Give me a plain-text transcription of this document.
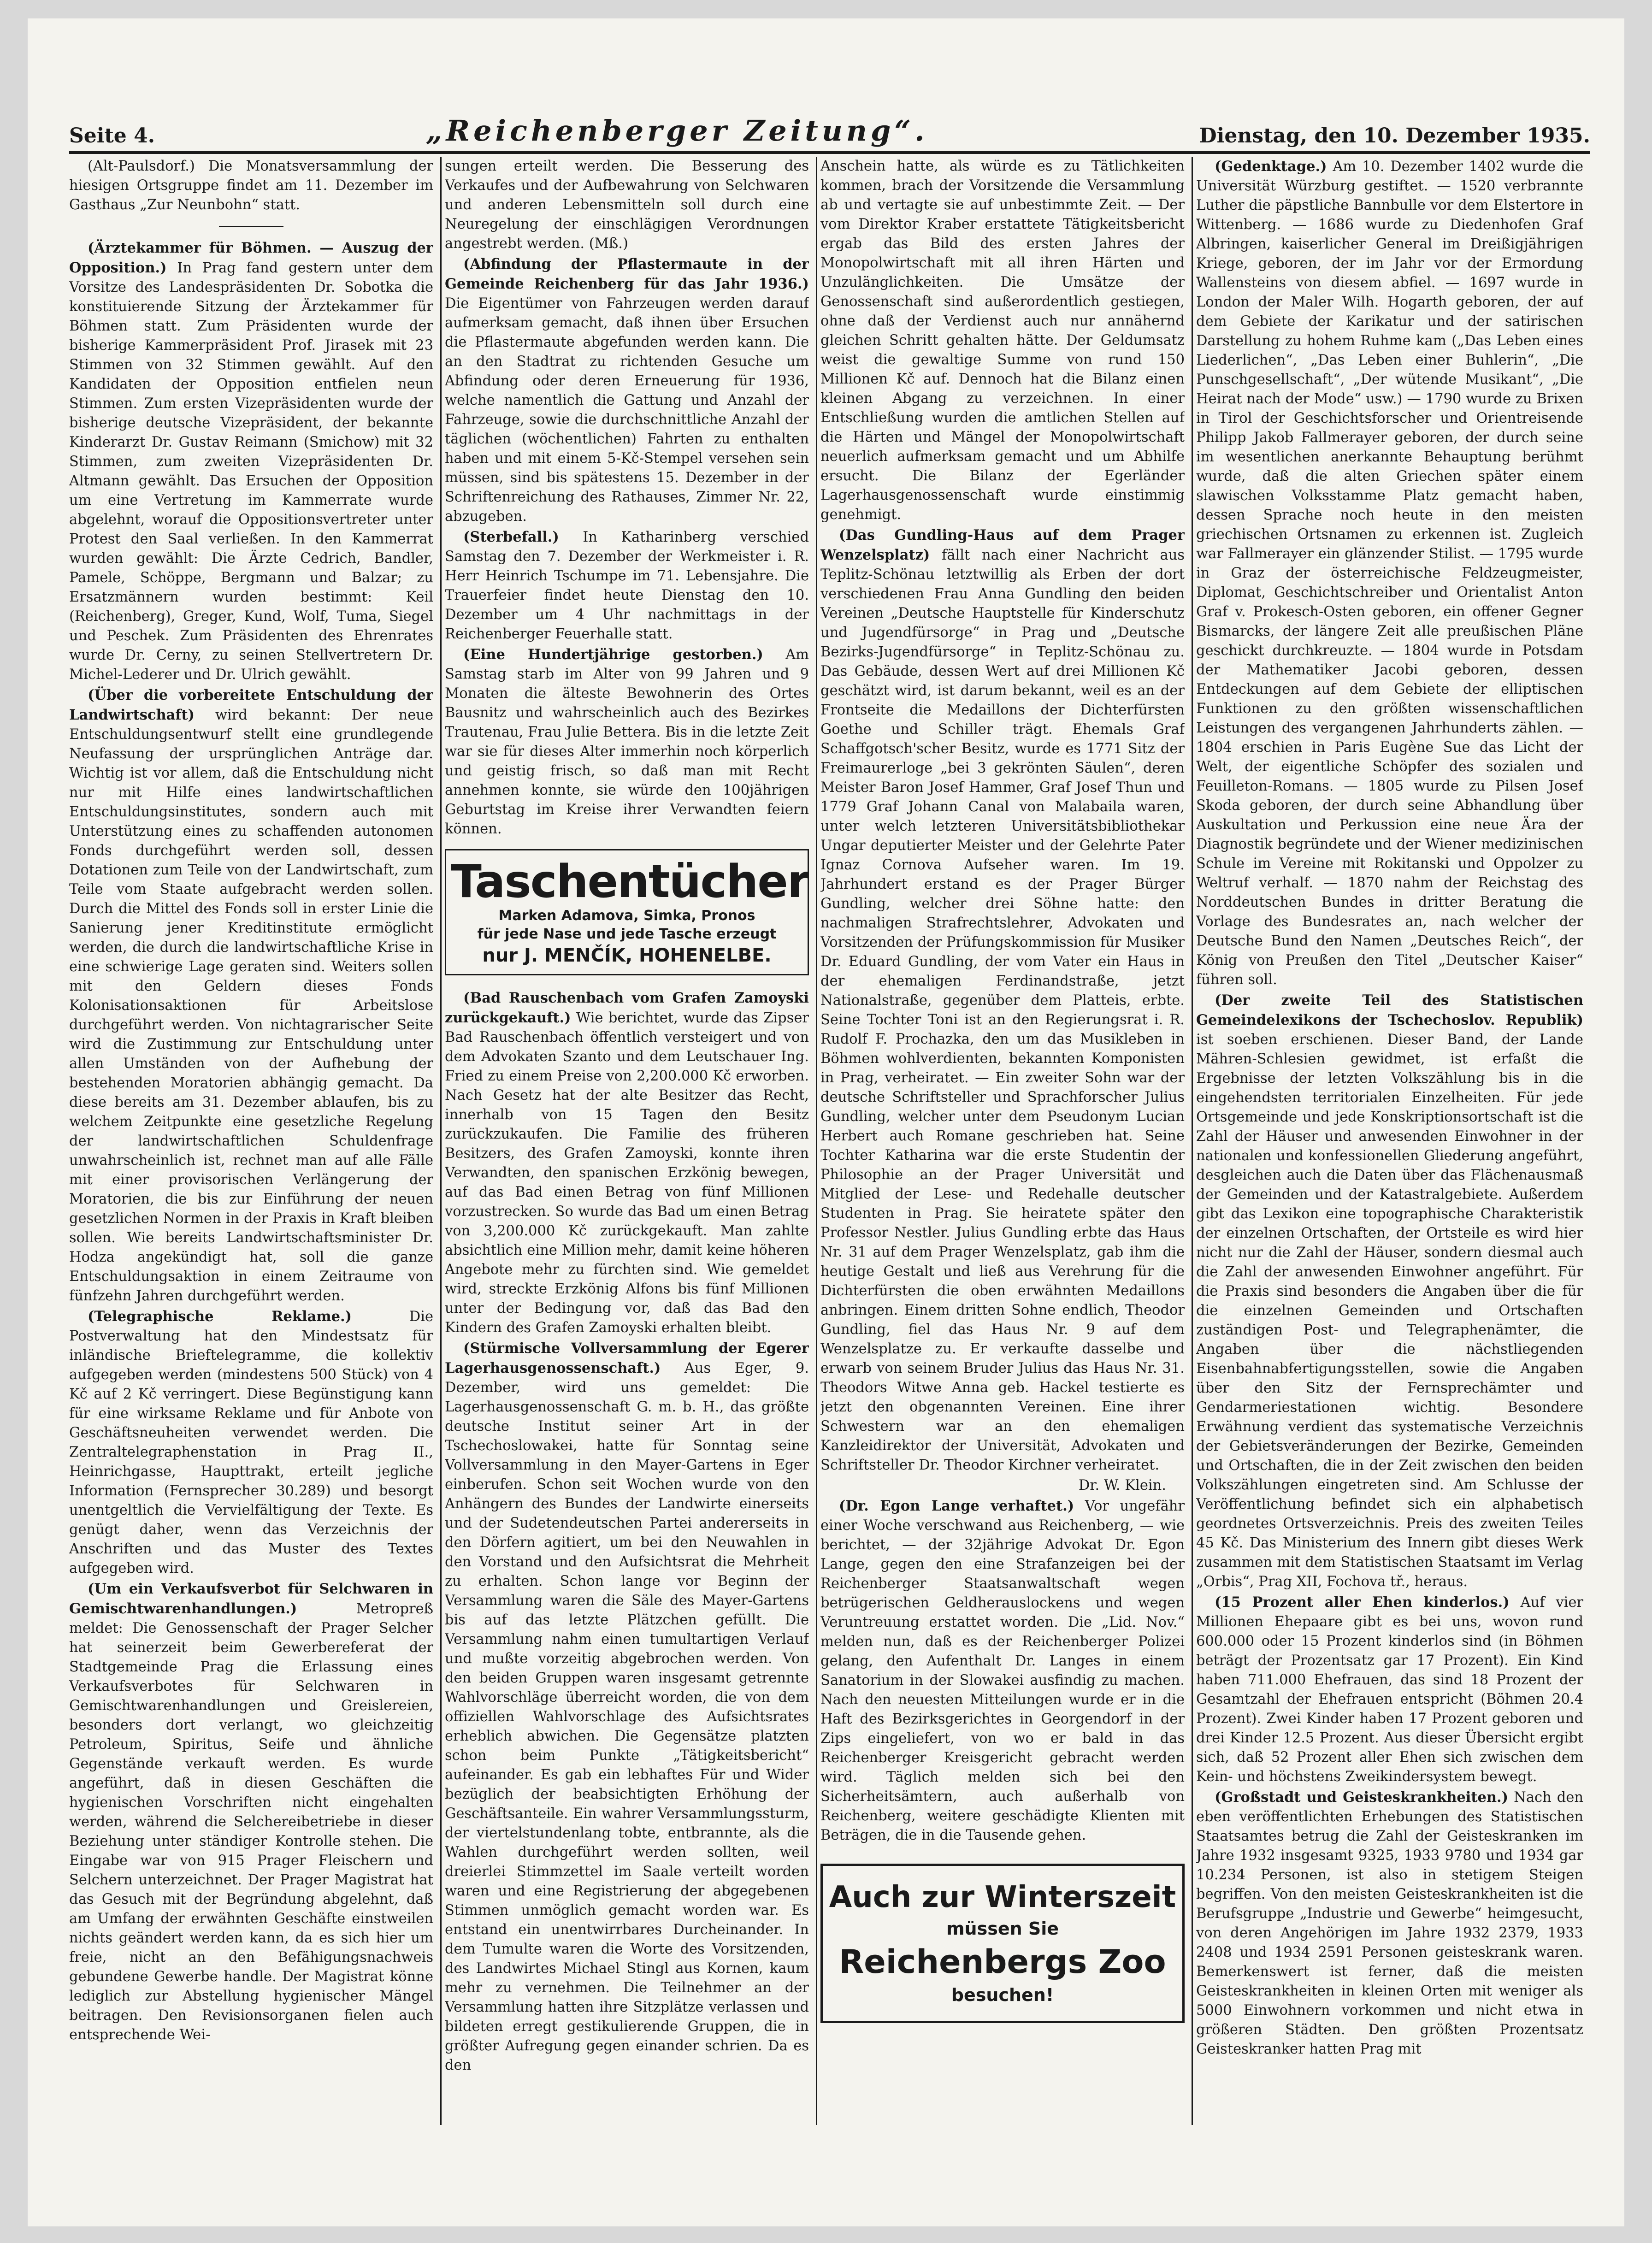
Seite 4.	„Reichenberger Zeitung“.	Dienstag, den 10. Dezember 1935.

(Alt-Paulsdorf.) Die Monatsversammlung der hiesigen Ortsgruppe findet am 11. Dezember im Gasthaus „Zur Neunbohn“ statt.

(Ärztekammer für Böhmen. — Auszug der Opposition.) In Prag fand gestern unter dem Vorsitze des Landespräsidenten Dr. Sobotka die konstituierende Sitzung der Ärztekammer für Böhmen statt. Zum Präsidenten wurde der bisherige Kammerpräsident Prof. Jirasek mit 23 Stimmen von 32 Stimmen gewählt. Auf den Kandidaten der Opposition entfielen neun Stimmen. Zum ersten Vizepräsidenten wurde der bisherige deutsche Vizepräsident, der bekannte Kinderarzt Dr. Gustav Reimann (Smichow) mit 32 Stimmen, zum zweiten Vizepräsidenten Dr. Altmann gewählt. Das Ersuchen der Opposition um eine Vertretung im Kammerrate wurde abgelehnt, worauf die Oppositionsvertreter unter Protest den Saal verließen. In den Kammerrat wurden gewählt: Die Ärzte Cedrich, Bandler, Pamele, Schöppe, Bergmann und Balzar; zu Ersatzmännern wurden bestimmt: Keil (Reichenberg), Greger, Kund, Wolf, Tuma, Siegel und Peschek. Zum Präsidenten des Ehrenrates wurde Dr. Cerny, zu seinen Stellvertretern Dr. Michel-Lederer und Dr. Ulrich gewählt.

(Über die vorbereitete Entschuldung der Landwirtschaft) wird bekannt: Der neue Entschuldungsentwurf stellt eine grundlegende Neufassung der ursprünglichen Anträge dar. Wichtig ist vor allem, daß die Entschuldung nicht nur mit Hilfe eines landwirtschaftlichen Entschuldungsinstitutes, sondern auch mit Unterstützung eines zu schaffenden autonomen Fonds durchgeführt werden soll, dessen Dotationen zum Teile von der Landwirtschaft, zum Teile vom Staate aufgebracht werden sollen. Durch die Mittel des Fonds soll in erster Linie die Sanierung jener Kreditinstitute ermöglicht werden, die durch die landwirtschaftliche Krise in eine schwierige Lage geraten sind. Weiters sollen mit den Geldern dieses Fonds Kolonisationsaktionen für Arbeitslose durchgeführt werden. Von nichtagrarischer Seite wird die Zustimmung zur Entschuldung unter allen Umständen von der Aufhebung der bestehenden Moratorien abhängig gemacht. Da diese bereits am 31. Dezember ablaufen, bis zu welchem Zeitpunkte eine gesetzliche Regelung der landwirtschaftlichen Schuldenfrage unwahrscheinlich ist, rechnet man auf alle Fälle mit einer provisorischen Verlängerung der Moratorien, die bis zur Einführung der neuen gesetzlichen Normen in der Praxis in Kraft bleiben sollen. Wie bereits Landwirtschaftsminister Dr. Hodza angekündigt hat, soll die ganze Entschuldungsaktion in einem Zeitraume von fünfzehn Jahren durchgeführt werden.

(Telegraphische Reklame.)	Die Postverwaltung hat den Mindestsatz für inländische Brieftelegramme, die kollektiv aufgegeben werden (mindestens 500 Stück) von 4 Kč auf 2 Kč verringert. Diese Begünstigung kann für eine wirksame Reklame und für Anbote von Geschäftsneuheiten verwendet werden. Die Zentraltelegraphenstation in Prag II., Heinrichgasse, Haupttrakt, erteilt jegliche Information (Fernsprecher 30.289) und besorgt unentgeltlich die Vervielfältigung der Texte. Es genügt daher, wenn das Verzeichnis der Anschriften und das Muster des Textes aufgegeben wird.

(Um ein Verkaufsverbot für Selchwaren in Gemischtwarenhandlungen.)	Metropreß meldet: Die Genossenschaft der Prager Selcher hat seinerzeit beim Gewerbereferat der Stadtgemeinde Prag die Erlassung eines Verkaufsverbotes für Selchwaren in Gemischtwarenhandlungen und Greislereien, besonders dort verlangt, wo gleichzeitig Petroleum, Spiritus, Seife und ähnliche Gegenstände verkauft werden. Es wurde angeführt, daß in diesen Geschäften die hygienischen Vorschriften nicht eingehalten werden, während die Selchereibetriebe in dieser Beziehung unter ständiger Kontrolle stehen. Die Eingabe war von 915 Prager Fleischern und Selchern unterzeichnet. Der Prager Magistrat hat das Gesuch mit der Begründung abgelehnt, daß am Umfang der erwähnten Geschäfte einstweilen nichts geändert werden kann, da es sich hier um freie, nicht an den Befähigungsnachweis gebundene Gewerbe handle. Der Magistrat könne lediglich zur Abstellung hygienischer Mängel beitragen. Den Revisionsorganen fielen auch entsprechende Wei-

sungen erteilt werden. Die Besserung des Verkaufes und der Aufbewahrung von Selchwaren und anderen Lebensmitteln soll durch eine Neuregelung der einschlägigen Verordnungen angestrebt werden. (Mß.)

(Abfindung der Pflastermaute in der Gemeinde Reichenberg für das Jahr 1936.) Die Eigentümer von Fahrzeugen werden darauf aufmerksam gemacht, daß ihnen über Ersuchen die Pflastermaute abgefunden werden kann. Die an den Stadtrat zu richtenden Gesuche um Abfindung oder deren Erneuerung für 1936, welche namentlich die Gattung und Anzahl der Fahrzeuge, sowie die durchschnittliche Anzahl der täglichen (wöchentlichen) Fahrten zu enthalten haben und mit einem 5-Kč-Stempel versehen sein müssen, sind bis spätestens 15. Dezember in der Schriftenreichung des Rathauses, Zimmer Nr. 22, abzugeben.

(Sterbefall.) In Katharinberg verschied Samstag den 7. Dezember der Werkmeister i. R. Herr Heinrich Tschumpe im 71. Lebensjahre. Die Trauerfeier findet heute Dienstag den 10. Dezember um 4 Uhr nachmittags in der Reichenberger Feuerhalle statt.

(Eine Hundertjährige gestorben.) Am Samstag starb im Alter von 99 Jahren und 9 Monaten die älteste Bewohnerin des Ortes Bausnitz und wahrscheinlich auch des Bezirkes Trautenau, Frau Julie Bettera. Bis in die letzte Zeit war sie für dieses Alter immerhin noch körperlich und geistig frisch, so daß man mit Recht annehmen konnte, sie würde den 100jährigen Geburtstag im Kreise ihrer Verwandten feiern können.

Taschentücher
Marken Adamova, Simka, Pronos
für jede Nase und jede Tasche erzeugt
nur J. MENČÍK, HOHENELBE.

(Bad Rauschenbach vom Grafen Zamoyski zurückgekauft.) Wie berichtet, wurde das Zipser Bad Rauschenbach öffentlich versteigert und von dem Advokaten Szanto und dem Leutschauer Ing. Fried zu einem Preise von 2,200.000 Kč erworben. Nach Gesetz hat der alte Besitzer das Recht, innerhalb von 15 Tagen den Besitz zurückzukaufen. Die Familie des früheren Besitzers, des Grafen Zamoyski, konnte ihren Verwandten, den spanischen Erzkönig bewegen, auf das Bad einen Betrag von fünf Millionen vorzustrecken. So wurde das Bad um einen Betrag von 3,200.000 Kč zurückgekauft. Man zahlte absichtlich eine Million mehr, damit keine höheren Angebote mehr zu fürchten sind. Wie gemeldet wird, streckte Erzkönig Alfons bis fünf Millionen unter der Bedingung vor, daß das Bad den Kindern des Grafen Zamoyski erhalten bleibt.

(Stürmische Vollversammlung der Egerer Lagerhausgenossenschaft.) Aus Eger, 9. Dezember, wird uns gemeldet: Die Lagerhausgenossenschaft G. m. b. H., das größte deutsche Institut seiner Art in der Tschechoslowakei, hatte für Sonntag seine Vollversammlung in den Mayer-Gartens in Eger einberufen. Schon seit Wochen wurde von den Anhängern des Bundes der Landwirte einerseits und der Sudetendeutschen Partei andererseits in den Dörfern agitiert, um bei den Neuwahlen in den Vorstand und den Aufsichtsrat die Mehrheit zu erhalten. Schon lange vor Beginn der Versammlung waren die Säle des Mayer-Gartens bis auf das letzte Plätzchen gefüllt. Die Versammlung nahm einen tumultartigen Verlauf und mußte vorzeitig abgebrochen werden. Von den beiden Gruppen waren insgesamt getrennte Wahlvorschläge überreicht worden, die von dem offiziellen Wahlvorschlage des Aufsichtsrates erheblich abwichen. Die Gegensätze platzten schon beim Punkte „Tätigkeitsbericht“ aufeinander. Es gab ein lebhaftes Für und Wider bezüglich der beabsichtigten Erhöhung der Geschäftsanteile. Ein wahrer Versammlungssturm, der viertelstundenlang tobte, entbrannte, als die Wahlen durchgeführt werden sollten, weil dreierlei Stimmzettel im Saale verteilt worden waren und eine Registrierung der abgegebenen Stimmen unmöglich gemacht worden war. Es entstand ein unentwirrbares Durcheinander. In dem Tumulte waren die Worte des Vorsitzenden, des Landwirtes Michael Stingl aus Kornen, kaum mehr zu vernehmen. Die Teilnehmer an der Versammlung hatten ihre Sitzplätze verlassen und bildeten erregt gestikulierende Gruppen, die in größter Aufregung gegen einander schrien. Da es den

Anschein hatte, als würde es zu Tätlichkeiten kommen, brach der Vorsitzende die Versammlung ab und vertagte sie auf unbestimmte Zeit. — Der vom Direktor Kraber erstattete Tätigkeitsbericht ergab das Bild des ersten Jahres der Monopolwirtschaft mit all ihren Härten und Unzulänglichkeiten. Die Umsätze der Genossenschaft sind außerordentlich gestiegen, ohne daß der Verdienst auch nur annähernd gleichen Schritt gehalten hätte. Der Geldumsatz weist die gewaltige Summe von rund 150 Millionen Kč auf. Dennoch hat die Bilanz einen kleinen Abgang zu verzeichnen. In einer Entschließung wurden die amtlichen Stellen auf die Härten und Mängel der Monopolwirtschaft neuerlich aufmerksam gemacht und um Abhilfe ersucht. Die Bilanz der Egerländer Lagerhausgenossenschaft wurde einstimmig genehmigt.

(Das Gundling-Haus auf dem Prager Wenzelsplatz) fällt nach einer Nachricht aus Teplitz-Schönau letztwillig als Erben der dort verschiedenen Frau Anna Gundling den beiden Vereinen „Deutsche Hauptstelle für Kinderschutz und Jugendfürsorge“ in Prag und „Deutsche Bezirks-Jugendfürsorge“ in Teplitz-Schönau zu. Das Gebäude, dessen Wert auf drei Millionen Kč geschätzt wird, ist darum bekannt, weil es an der Frontseite die Medaillons der Dichterfürsten Goethe und Schiller trägt. Ehemals Graf Schaffgotsch'scher Besitz, wurde es 1771 Sitz der Freimaurerloge „bei 3 gekrönten Säulen“, deren Meister Baron Josef Hammer, Graf Josef Thun und 1779 Graf Johann Canal von Malabaila waren, unter welch letzteren Universitätsbibliothekar Ungar deputierter Meister und der Gelehrte Pater Ignaz Cornova Aufseher waren. Im 19. Jahrhundert erstand es der Prager Bürger Gundling, welcher drei Söhne hatte: den nachmaligen Strafrechtslehrer, Advokaten und Vorsitzenden der Prüfungskommission für Musiker Dr. Eduard Gundling, der vom Vater ein Haus in der ehemaligen Ferdinandstraße, jetzt Nationalstraße, gegenüber dem Platteis, erbte. Seine Tochter Toni ist an den Regierungsrat i. R. Rudolf F. Prochazka, den um das Musikleben in Böhmen wohlverdienten, bekannten Komponisten in Prag, verheiratet. — Ein zweiter Sohn war der deutsche Schriftsteller und Sprachforscher Julius Gundling, welcher unter dem Pseudonym Lucian Herbert auch Romane geschrieben hat. Seine Tochter Katharina war die erste Studentin der Philosophie an der Prager Universität und Mitglied der Lese- und Redehalle deutscher Studenten in Prag. Sie heiratete später den Professor Nestler. Julius Gundling erbte das Haus Nr. 31 auf dem Prager Wenzelsplatz, gab ihm die heutige Gestalt und ließ aus Verehrung für die Dichterfürsten die oben erwähnten Medaillons anbringen. Einem dritten Sohne endlich, Theodor Gundling, fiel das Haus Nr. 9 auf dem Wenzelsplatze zu. Er verkaufte dasselbe und erwarb von seinem Bruder Julius das Haus Nr. 31. Theodors Witwe Anna geb. Hackel testierte es jetzt den obgenannten Vereinen. Eine ihrer Schwestern war an den ehemaligen Kanzleidirektor der Universität, Advokaten und Schriftsteller Dr. Theodor Kirchner verheiratet.

Dr. W. Klein.

(Dr. Egon Lange verhaftet.) Vor ungefähr einer Woche verschwand aus Reichenberg, — wie berichtet, — der 32jährige Advokat Dr. Egon Lange, gegen den eine Strafanzeigen bei der Reichenberger Staatsanwaltschaft wegen betrügerischen Geldherauslockens und wegen Veruntreuung erstattet worden. Die „Lid. Nov.“ melden nun, daß es der Reichenberger Polizei gelang, den Aufenthalt Dr. Langes in einem Sanatorium in der Slowakei ausfindig zu machen. Nach den neuesten Mitteilungen wurde er in die Haft des Bezirksgerichtes in Georgendorf in der Zips eingeliefert, von wo er bald in das Reichenberger Kreisgericht gebracht werden wird. Täglich melden sich bei den Sicherheitsämtern, auch außerhalb von Reichenberg, weitere geschädigte Klienten mit Beträgen, die in die Tausende gehen.

Auch zur Winterszeit
müssen Sie
Reichenbergs Zoo
besuchen!

(Gedenktage.) Am 10. Dezember 1402 wurde die Universität Würzburg gestiftet. — 1520 verbrannte Luther die päpstliche Bannbulle vor dem Elstertore in Wittenberg. — 1686 wurde zu Diedenhofen Graf Albringen, kaiserlicher General im Dreißigjährigen Kriege, geboren, der im Jahr vor der Ermordung Wallensteins von diesem abfiel. — 1697 wurde in London der Maler Wilh. Hogarth geboren, der auf dem Gebiete der Karikatur und der satirischen Darstellung zu hohem Ruhme kam („Das Leben eines Liederlichen“, „Das Leben einer Buhlerin“, „Die Punschgesellschaft“, „Der wütende Musikant“, „Die Heirat nach der Mode“ usw.) — 1790 wurde zu Brixen in Tirol der Geschichtsforscher und Orientreisende Philipp Jakob Fallmerayer geboren, der durch seine im wesentlichen anerkannte Behauptung berühmt wurde, daß die alten Griechen später einem slawischen Volksstamme Platz gemacht haben, dessen Sprache noch heute in den meisten griechischen Ortsnamen zu erkennen ist. Zugleich war Fallmerayer ein glänzender Stilist. — 1795 wurde in Graz der österreichische Feldzeugmeister, Diplomat, Geschichtschreiber und Orientalist Anton Graf v. Prokesch-Osten geboren, ein offener Gegner Bismarcks, der längere Zeit alle preußischen Pläne geschickt durchkreuzte. — 1804 wurde in Potsdam der Mathematiker Jacobi geboren, dessen Entdeckungen auf dem Gebiete der elliptischen Funktionen zu den größten wissenschaftlichen Leistungen des vergangenen Jahrhunderts zählen. — 1804 erschien in Paris Eugène Sue das Licht der Welt, der eigentliche Schöpfer des sozialen und Feuilleton-Romans. — 1805 wurde zu Pilsen Josef Skoda geboren, der durch seine Abhandlung über Auskultation und Perkussion eine neue Ära der Diagnostik begründete und der Wiener medizinischen Schule im Vereine mit Rokitanski und Oppolzer zu Weltruf verhalf. — 1870 nahm der Reichstag des Norddeutschen Bundes in dritter Beratung die Vorlage des Bundesrates an, nach welcher der Deutsche Bund den Namen „Deutsches Reich“, der König von Preußen den Titel „Deutscher Kaiser“ führen soll.

(Der zweite Teil des Statistischen Gemeindelexikons der Tschechoslov. Republik) ist soeben erschienen. Dieser Band, der Lande Mähren-Schlesien gewidmet, ist erfaßt die Ergebnisse der letzten Volkszählung bis in die eingehendsten territorialen Einzelheiten. Für jede Ortsgemeinde und jede Konskriptionsortschaft ist die Zahl der Häuser und anwesenden Einwohner in der nationalen und konfessionellen Gliederung angeführt, desgleichen auch die Daten über das Flächenausmaß der Gemeinden und der Katastralgebiete. Außerdem gibt das Lexikon eine topographische Charakteristik der einzelnen Ortschaften, der Ortsteile es wird hier nicht nur die Zahl der Häuser, sondern diesmal auch die Zahl der anwesenden Einwohner angeführt. Für die Praxis sind besonders die Angaben über die für die einzelnen Gemeinden und Ortschaften zuständigen Post- und Telegraphenämter, die Angaben über die nächstliegenden Eisenbahnabfertigungsstellen, sowie die Angaben über den Sitz der Fernsprechämter und Gendarmeriestationen wichtig. Besondere Erwähnung verdient das systematische Verzeichnis der Gebietsveränderungen der Bezirke, Gemeinden und Ortschaften, die in der Zeit zwischen den beiden Volkszählungen eingetreten sind. Am Schlusse der Veröffentlichung befindet sich ein alphabetisch geordnetes Ortsverzeichnis. Preis des zweiten Teiles 45 Kč. Das Ministerium des Innern gibt dieses Werk zusammen mit dem Statistischen Staatsamt im Verlag „Orbis“, Prag XII, Fochova tř., heraus.

(15 Prozent aller Ehen kinderlos.) Auf vier Millionen Ehepaare gibt es bei uns, wovon rund 600.000 oder 15 Prozent kinderlos sind (in Böhmen beträgt der Prozentsatz gar 17 Prozent). Ein Kind haben 711.000 Ehefrauen, das sind 18 Prozent der Gesamtzahl der Ehefrauen entspricht (Böhmen 20.4 Prozent). Zwei Kinder haben 17 Prozent geboren und drei Kinder 12.5 Prozent. Aus dieser Übersicht ergibt sich, daß 52 Prozent aller Ehen sich zwischen dem Kein- und höchstens Zweikindersystem bewegt.

(Großstadt und Geisteskrankheiten.) Nach den eben veröffentlichten Erhebungen des Statistischen Staatsamtes betrug die Zahl der Geisteskranken im Jahre 1932 insgesamt 9325, 1933 9780 und 1934 gar 10.234 Personen, ist also in stetigem Steigen begriffen. Von den meisten Geisteskrankheiten ist die Berufsgruppe „Industrie und Gewerbe“ heimgesucht, von deren Angehörigen im Jahre 1932 2379, 1933 2408 und 1934 2591 Personen geisteskrank waren. Bemerkenswert ist ferner, daß die meisten Geisteskrankheiten in kleinen Orten mit weniger als 5000 Einwohnern vorkommen und nicht etwa in größeren Städten. Den größten Prozentsatz Geisteskranker hatten Prag mit
